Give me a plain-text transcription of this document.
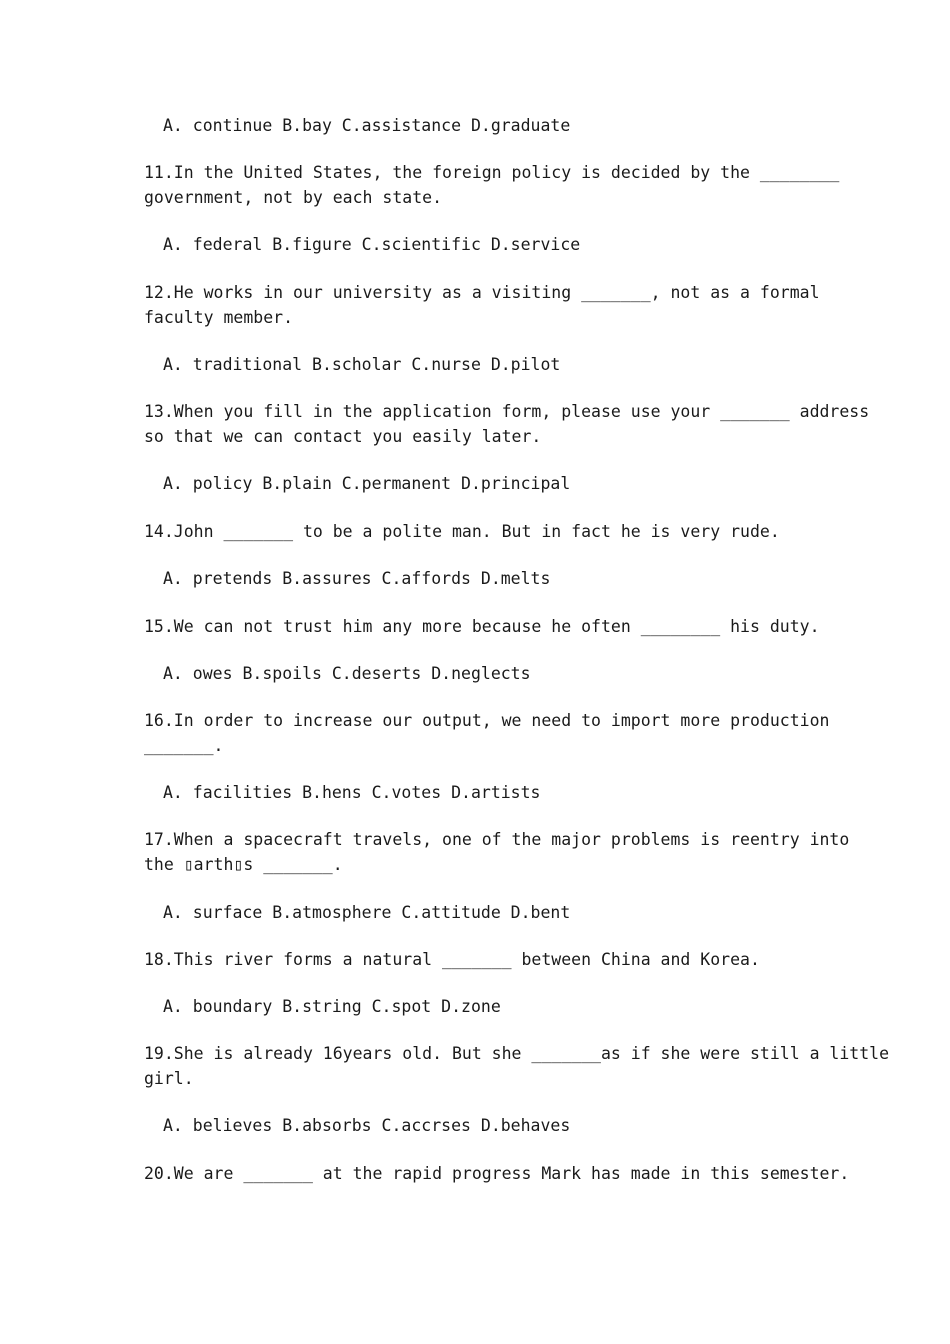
A. continue B.bay C.assistance D.graduate
11.In the United States, the foreign policy is decided by the ________
government, not by each state.
A. federal B.figure C.scientific D.service
12.He works in our university as a visiting _______, not as a formal
faculty member.
A. traditional B.scholar C.nurse D.pilot
13.When you fill in the application form, please use your _______ address
so that we can contact you easily later.
A. policy B.plain C.permanent D.principal
14.John _______ to be a polite man. But in fact he is very rude.
A. pretends B.assures C.affords D.melts
15.We can not trust him any more because he often ________ his duty.
A. owes B.spoils C.deserts D.neglects
16.In order to increase our output, we need to import more production
_______.
A. facilities B.hens C.votes D.artists
17.When a spacecraft travels, one of the major problems is reentry into
the ▯arth▯s _______.
A. surface B.atmosphere C.attitude D.bent
18.This river forms a natural _______ between China and Korea.
A. boundary B.string C.spot D.zone
19.She is already 16years old. But she _______as if she were still a little
girl.
A. believes B.absorbs C.accrses D.behaves
20.We are _______ at the rapid progress Mark has made in this semester.
